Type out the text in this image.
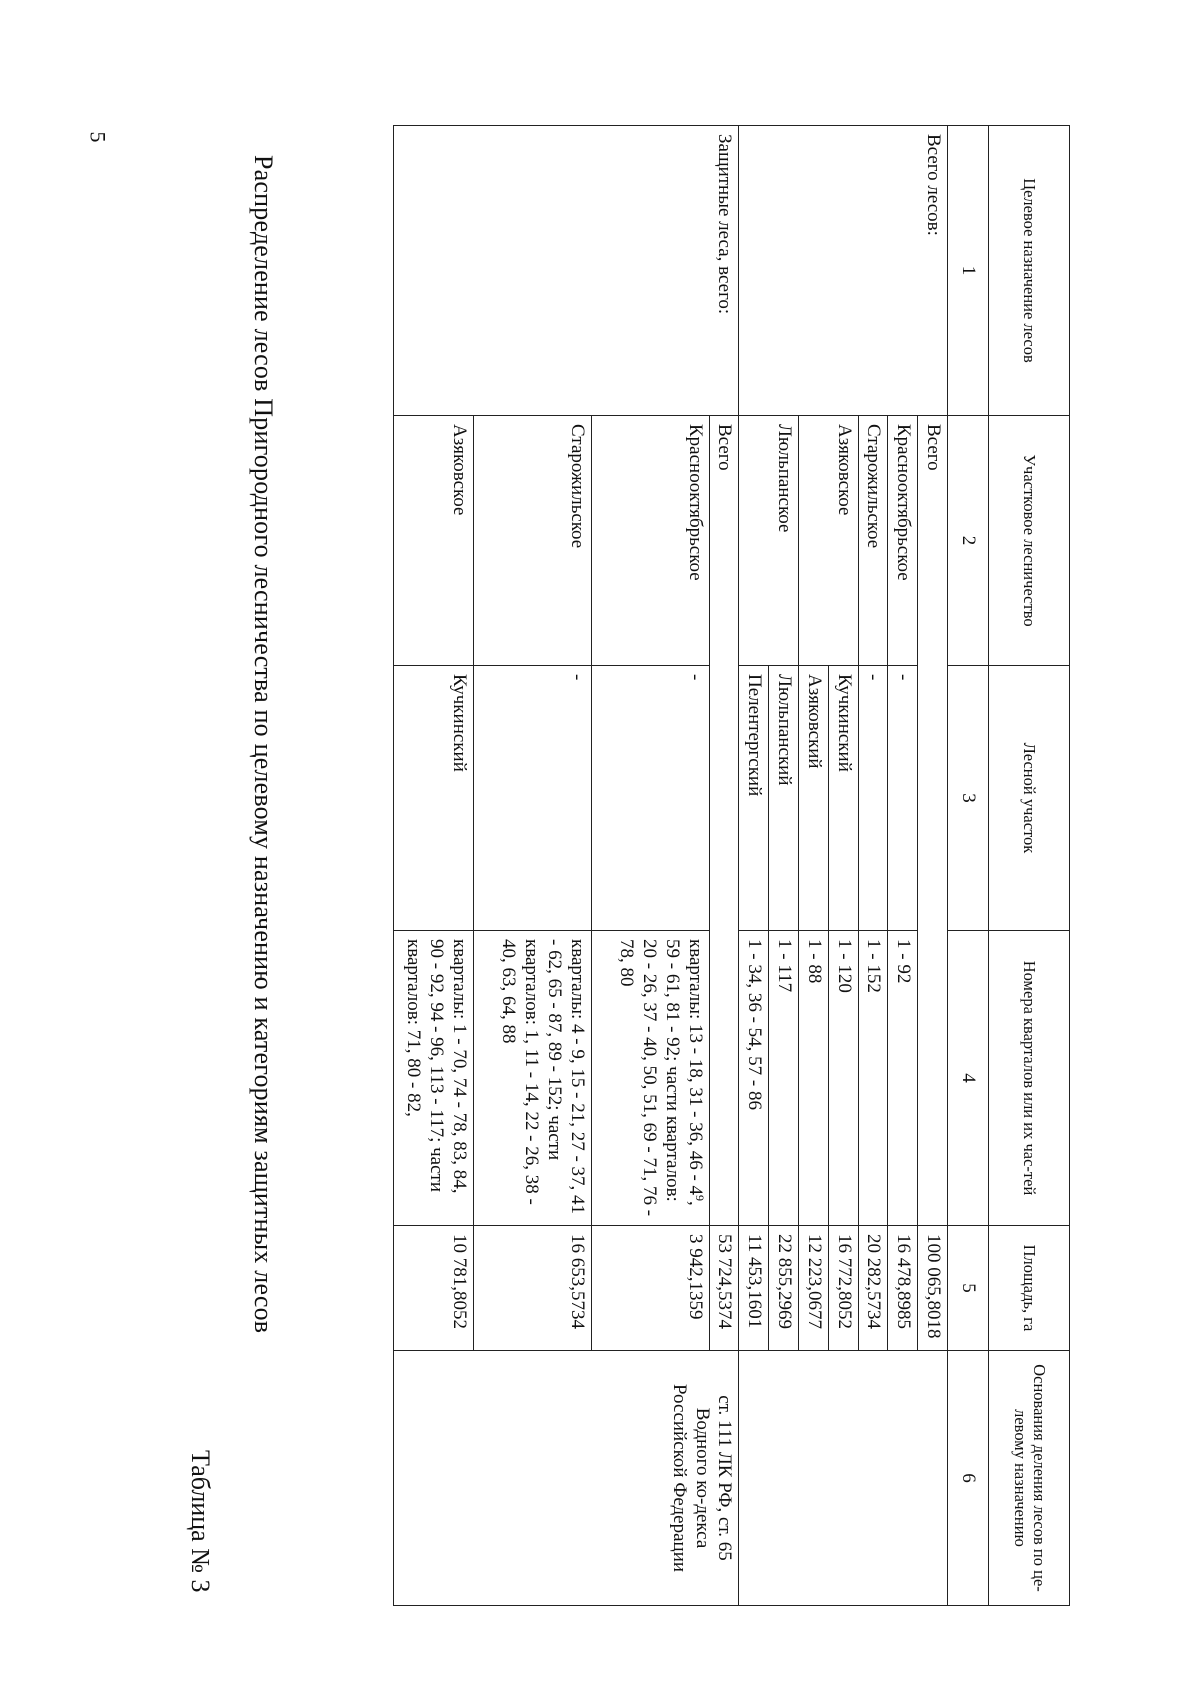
5
Таблица № 3
Распределение лесов Пригородного лесничества по целевому назначению и категориям защитных лесов	Целевое назначение лесов	Участковое лесничество	Лесной участок	Номера кварталов или их час-тей	Площадь, га	Основания деления лесов по це-левому назначению
1	2	3	4	5	6
Всего лесов:	Всего			100 065,8018	
	Краснооктябрьское	-	1 - 92	16 478,8985	
	Старожильское	-	1 - 152	20 282,5734	
	Азяковское	Кучкинский	1 - 120	16 772,8052	
		Азяковский	1 - 88	12 223,0677	
	Люльпанское	Люльпанский	1 - 117	22 855,2969	
		Пелентергский	1 - 34, 36 - 54, 57 - 86	11 453,1601	
Защитные леса, всего:	Всего			53 724,5374	ст. 111 ЛК РФ, ст. 65 Водного ко-декса Российской Федерации
	Краснооктябрьское	-	кварталы: 13 - 18, 31 - 36, $46 - 4^9$, 59 - 61, 81 - 92; части кварталов: 20 - 26, 37 - 40, 50, 51, 69 - 71, 76 - 78, 80	3 942,1359	
	Старожильское	-	кварталы: 4 - 9, 15 - 21, 27 - 37, 41 - 62, 65 - 87, 89 - 152; части кварталов: 1, 11 - 14, 22 - 26, 38 - 40, 63, 64, 88	16 653,5734	
	Азяковское	Кучкинский	кварталы: 1 - 70, 74 - 78, 83, 84, 90 - 92, 94 - 96, 113 - 117; части кварталов: 71, 80 - 82,	10 781,8052	
